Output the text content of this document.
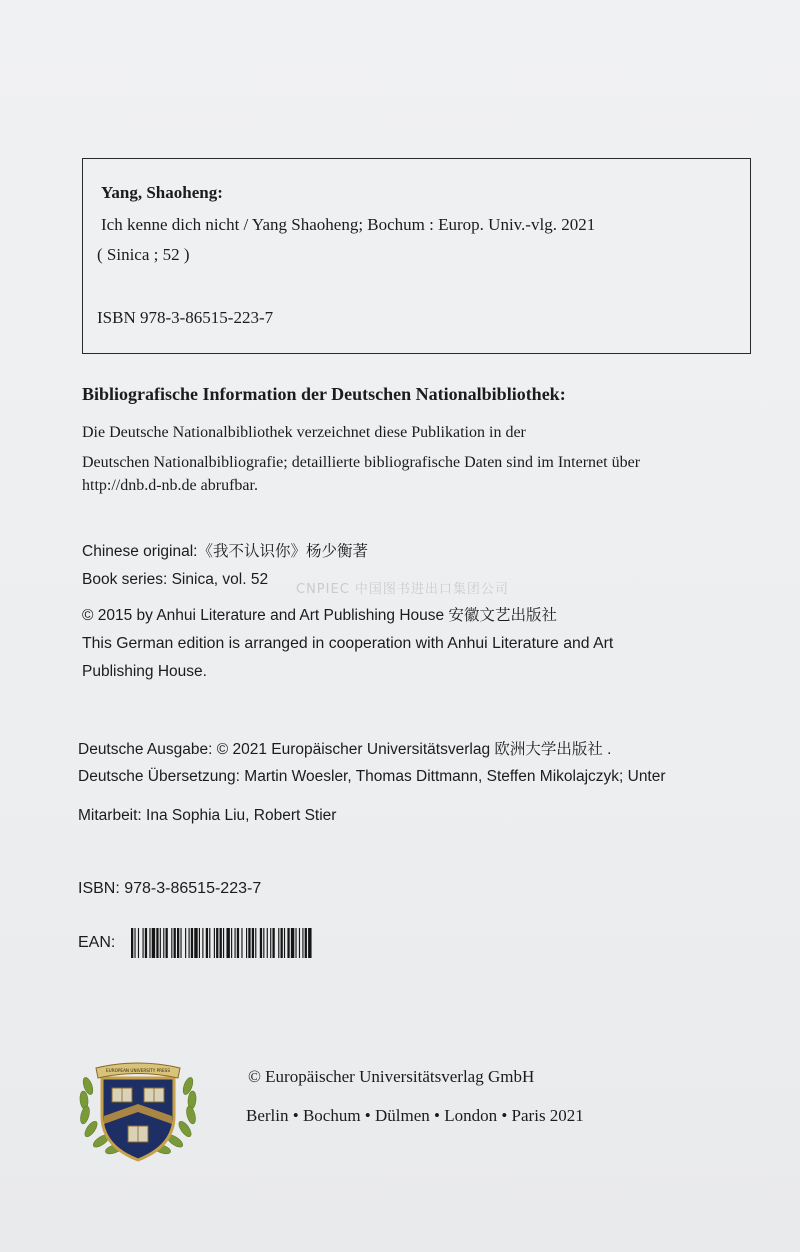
Yang, Shaoheng:
Ich kenne dich nicht / Yang Shaoheng; Bochum : Europ. Univ.-vlg. 2021
( Sinica ; 52 )
ISBN 978-3-86515-223-7
Bibliografische Information der Deutschen Nationalbibliothek:
Die Deutsche Nationalbibliothek verzeichnet diese Publikation in der
Deutschen Nationalbibliografie; detaillierte bibliografische Daten sind im Internet über
http://dnb.d-nb.de abrufbar.
Chinese original:《我不认识你》杨少衡著
Book series: Sinica, vol. 52
CNPIEC 中国图书进出口集团公司
© 2015 by Anhui Literature and Art Publishing House 安徽文艺出版社
This German edition is arranged in cooperation with Anhui Literature and Art
Publishing House.
Deutsche Ausgabe: © 2021 Europäischer Universitätsverlag 欧洲大学出版社 .
Deutsche Übersetzung: Martin Woesler, Thomas Dittmann, Steffen Mikolajczyk; Unter
Mitarbeit: Ina Sophia Liu, Robert Stier
ISBN: 978-3-86515-223-7
EAN:
EUROPEAN UNIVERSITY PRESS	© Europäischer Universitätsverlag GmbH
Berlin • Bochum • Dülmen • London • Paris 2021
